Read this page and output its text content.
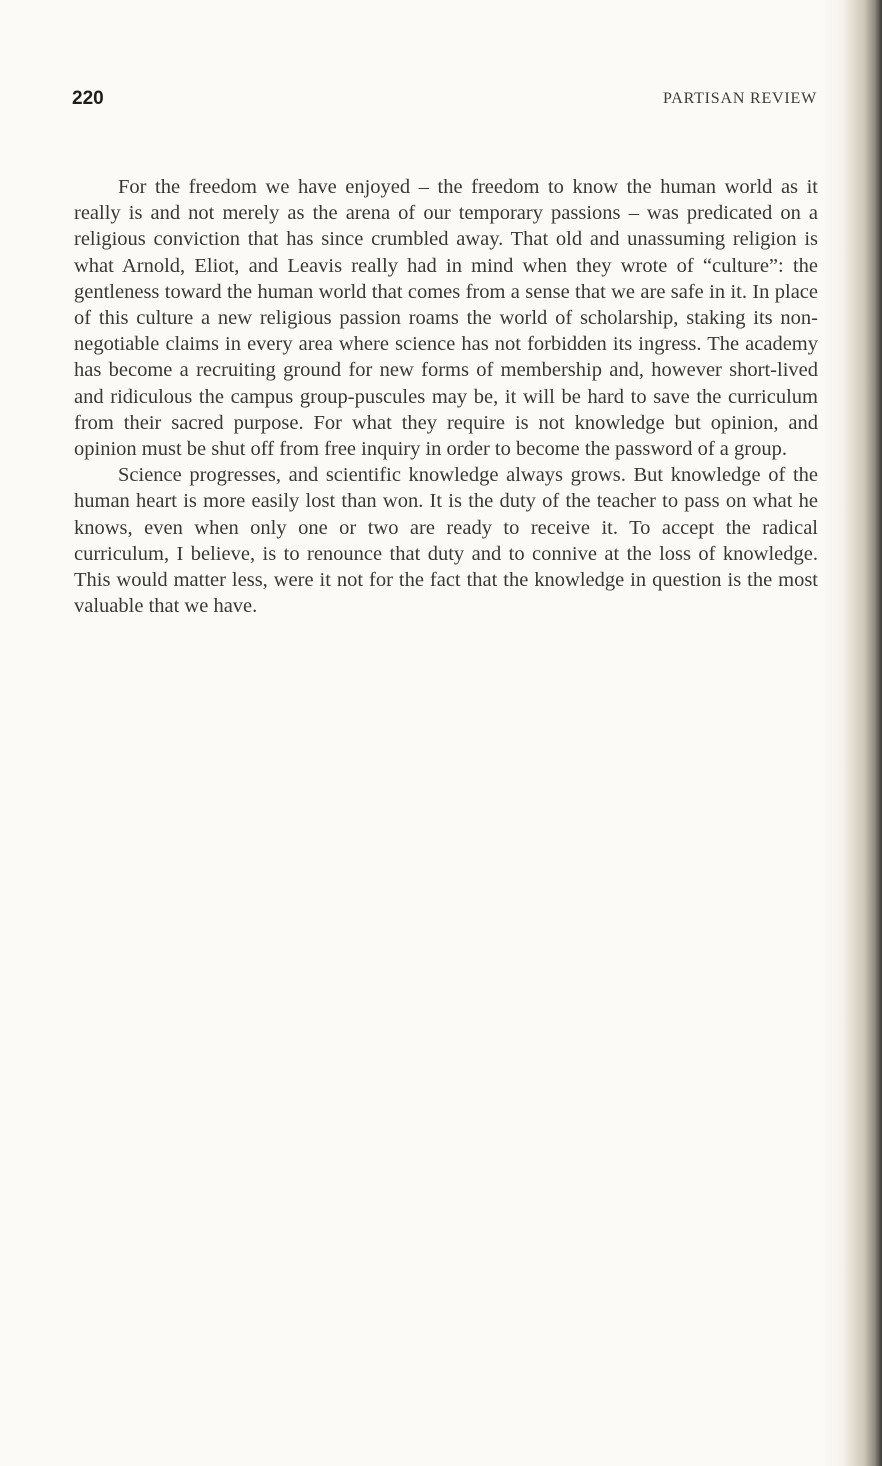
220	PARTISAN REVIEW

For the freedom we have enjoyed – the freedom to know the human world as it really is and not merely as the arena of our temporary passions – was predicated on a religious conviction that has since crumbled away. That old and unassuming religion is what Arnold, Eliot, and Leavis really had in mind when they wrote of “culture”: the gentleness toward the human world that comes from a sense that we are safe in it. In place of this culture a new religious passion roams the world of scholarship, staking its non-negotiable claims in every area where science has not forbidden its ingress. The academy has become a recruiting ground for new forms of membership and, however short-lived and ridiculous the campus group-puscules may be, it will be hard to save the curriculum from their sacred purpose. For what they require is not knowledge but opinion, and opinion must be shut off from free inquiry in order to become the password of a group.

Science progresses, and scientific knowledge always grows. But knowledge of the human heart is more easily lost than won. It is the duty of the teacher to pass on what he knows, even when only one or two are ready to receive it. To accept the radical curriculum, I believe, is to renounce that duty and to connive at the loss of knowledge. This would matter less, were it not for the fact that the knowledge in question is the most valuable that we have.
